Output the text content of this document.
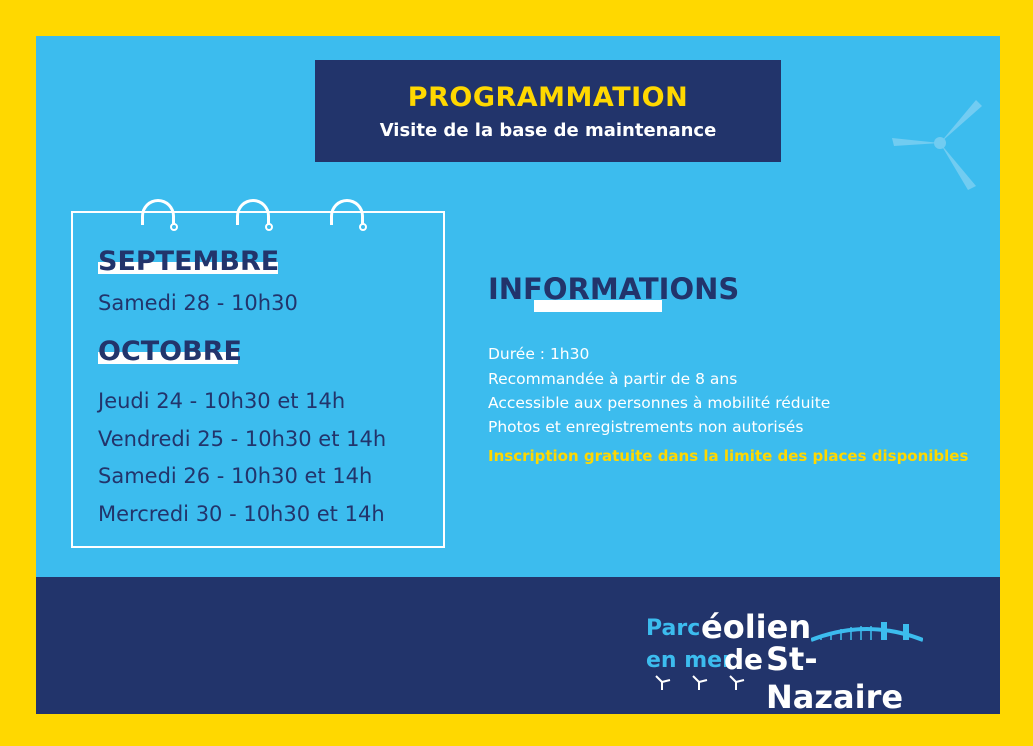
PROGRAMMATION
Visite de la base de maintenance
SEPTEMBRE
Samedi 28 - 10h30
OCTOBRE
Jeudi 24 - 10h30 et 14h
Vendredi 25 - 10h30 et 14h
Samedi 26 - 10h30 et 14h
Mercredi 30 - 10h30 et 14h
INFORMATIONS
Durée : 1h30
Recommandée à partir de 8 ans
Accessible aux personnes à mobilité réduite
Photos et enregistrements non autorisés
Inscription gratuite dans la limite des places disponibles
Parc éolien
en mer
de St-Nazaire
